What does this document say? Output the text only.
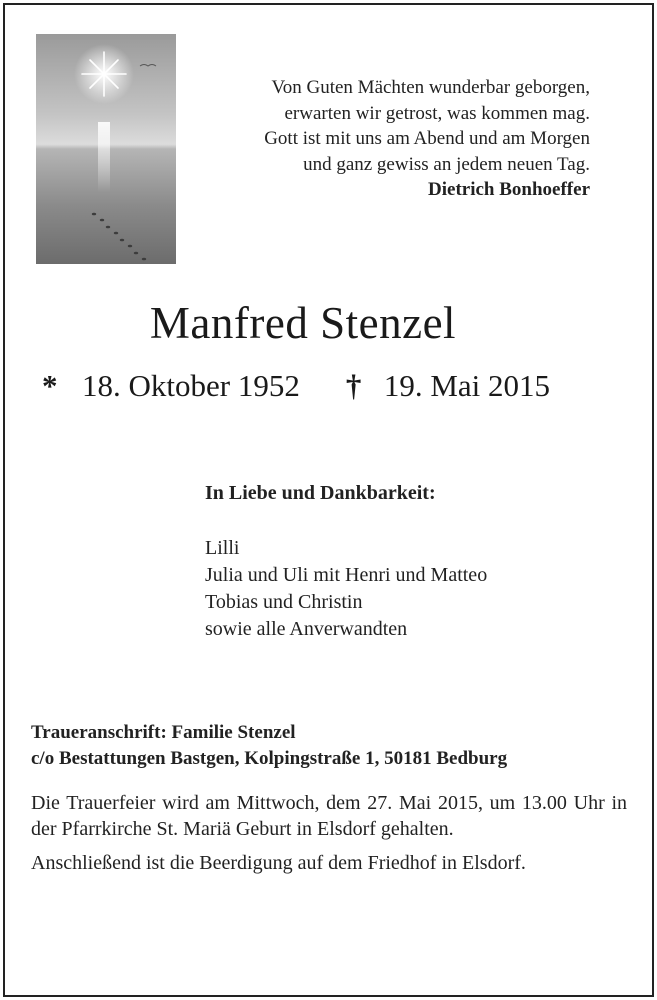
Von Guten Mächten wunderbar geborgen,
erwarten wir getrost, was kommen mag.
Gott ist mit uns am Abend und am Morgen
und ganz gewiss an jedem neuen Tag.
Dietrich Bonhoeffer
Manfred Stenzel
* 18. Oktober 1952 † 19. Mai 2015
In Liebe und Dankbarkeit:
Lilli
Julia und Uli mit Henri und Matteo
Tobias und Christin
sowie alle Anverwandten
Traueranschrift: Familie Stenzel
c/o Bestattungen Bastgen, Kolpingstraße 1, 50181 Bedburg

Die Trauerfeier wird am Mittwoch, dem 27. Mai 2015, um 13.00 Uhr in der Pfarrkirche St. Mariä Geburt in Elsdorf gehalten.

Anschließend ist die Beerdigung auf dem Friedhof in Elsdorf.
